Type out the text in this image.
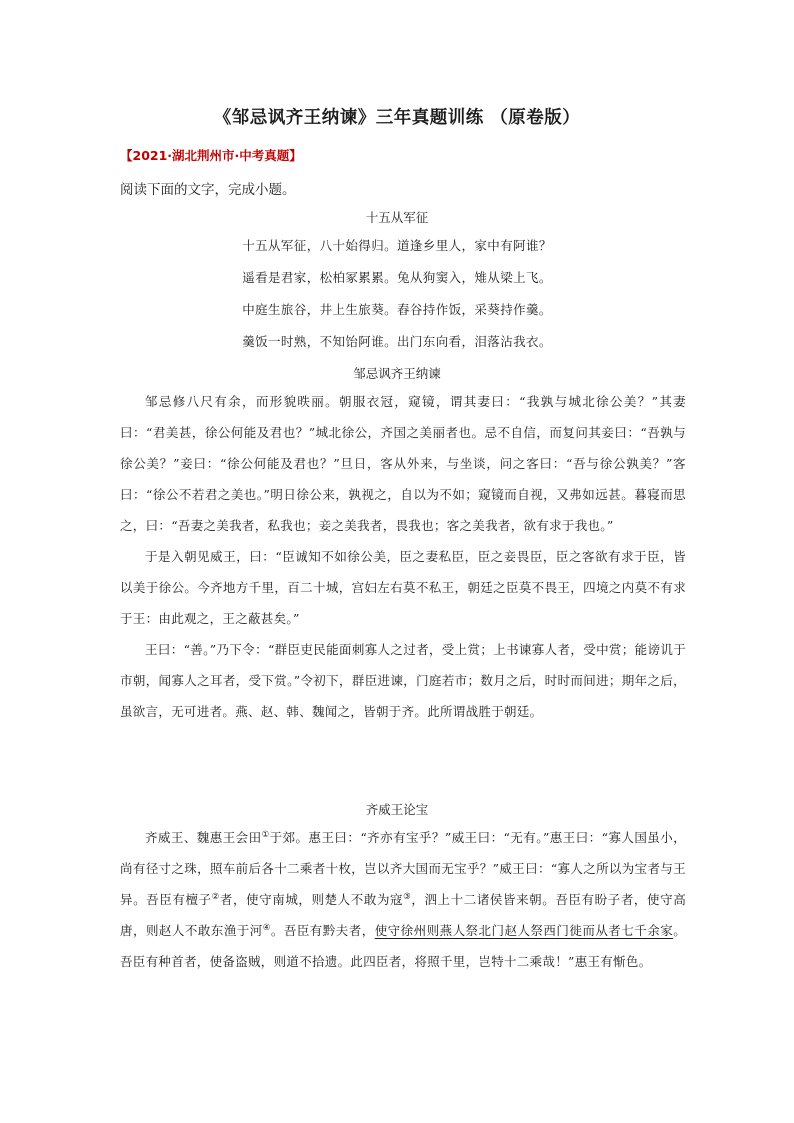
《邹忌讽齐王纳谏》三年真题训练 （原卷版）
【2021·湖北荆州市·中考真题】
阅读下面的文字，完成小题。
十五从军征
十五从军征，八十始得归。道逢乡里人，家中有阿谁？
遥看是君家，松柏冢累累。兔从狗窦入，雉从梁上飞。
中庭生旅谷，井上生旅葵。舂谷持作饭，采葵持作羹。
羹饭一时熟，不知饴阿谁。出门东向看，泪落沾我衣。
邹忌讽齐王纳谏

邹忌修八尺有余，而形貌昳丽。朝服衣冠，窥镜，谓其妻曰：“我孰与城北徐公美？”其妻曰：“君美甚，徐公何能及君也？”城北徐公，齐国之美丽者也。忌不自信，而复问其妾曰：“吾孰与徐公美？”妾曰：“徐公何能及君也？”旦日，客从外来，与坐谈，问之客曰：“吾与徐公孰美？”客曰：“徐公不若君之美也。”明日徐公来，孰视之，自以为不如；窥镜而自视，又弗如远甚。暮寝而思之，曰：“吾妻之美我者，私我也；妾之美我者，畏我也；客之美我者，欲有求于我也。”

于是入朝见威王，曰：“臣诚知不如徐公美，臣之妻私臣，臣之妾畏臣，臣之客欲有求于臣，皆以美于徐公。今齐地方千里，百二十城，宫妇左右莫不私王，朝廷之臣莫不畏王，四境之内莫不有求于王：由此观之，王之蔽甚矣。”

王曰：“善。”乃下令：“群臣吏民能面刺寡人之过者，受上赏；上书谏寡人者，受中赏；能谤讥于市朝，闻寡人之耳者，受下赏。”令初下，群臣进谏，门庭若市；数月之后，时时而间进；期年之后，虽欲言，无可进者。燕、赵、韩、魏闻之，皆朝于齐。此所谓战胜于朝廷。

齐威王论宝

齐威王、魏惠王会田①于郊。惠王曰：“齐亦有宝乎？”威王曰：“无有。”惠王曰：“寡人国虽小，尚有径寸之珠，照车前后各十二乘者十枚，岂以齐大国而无宝乎？”威王曰：“寡人之所以为宝者与王异。吾臣有檀子②者，使守南城，则楚人不敢为寇③，泗上十二诸侯皆来朝。吾臣有盼子者，使守高唐，则赵人不敢东渔于河④。吾臣有黔夫者，使守徐州则燕人祭北门赵人祭西门徙而从者七千余家。吾臣有种首者，使备盗贼，则道不拾遗。此四臣者，将照千里，岂特十二乘哉！”惠王有惭色。
